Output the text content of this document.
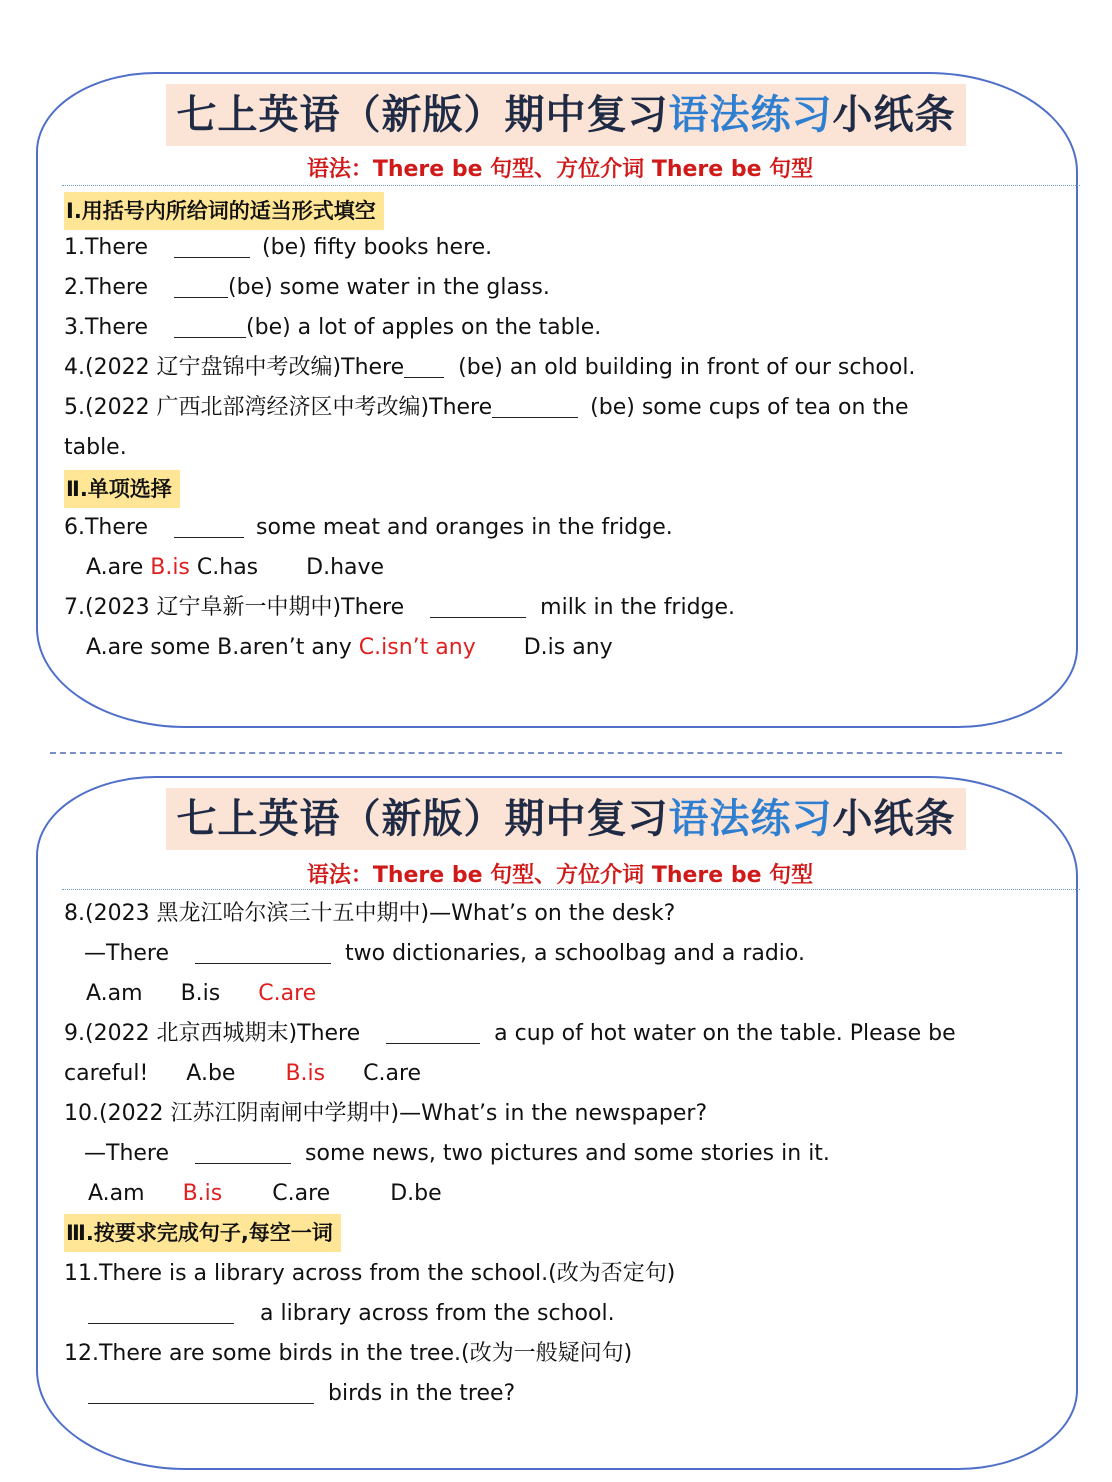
七上英语（新版）期中复习语法练习小纸条
语法：There be 句型、方位介词 There be 句型
Ⅰ.用括号内所给词的适当形式填空
1.There	(be) fifty books here.
2.There	(be) some water in the glass.
3.There	(be) a lot of apples on the table.
4.(2022 辽宁盘锦中考改编)There (be) an old building in front of our school.
5.(2022 广西北部湾经济区中考改编)There	(be) some cups of tea on the
table.
Ⅱ.单项选择
6.There	some meat and oranges in the fridge.
A.are B.is C.has D.have
7.(2023 辽宁阜新一中期中)There	milk in the fridge.
A.are some B.aren’t any C.isn’t any D.is any
七上英语（新版）期中复习语法练习小纸条
语法：There be 句型、方位介词 There be 句型
8.(2023 黑龙江哈尔滨三十五中期中)—What’s on the desk?
—There	two dictionaries, a schoolbag and a radio.
A.am B.is C.are
9.(2022 北京西城期末)There	a cup of hot water on the table. Please be
careful! A.be B.is C.are
10.(2022 江苏江阴南闸中学期中)—What’s in the newspaper?
—There	some news, two pictures and some stories in it.
A.am B.is C.are	D.be
Ⅲ.按要求完成句子,每空一词
11.There is a library across from the school.(改为否定句)
a library across from the school.
12.There are some birds in the tree.(改为一般疑问句)
birds in the tree?
